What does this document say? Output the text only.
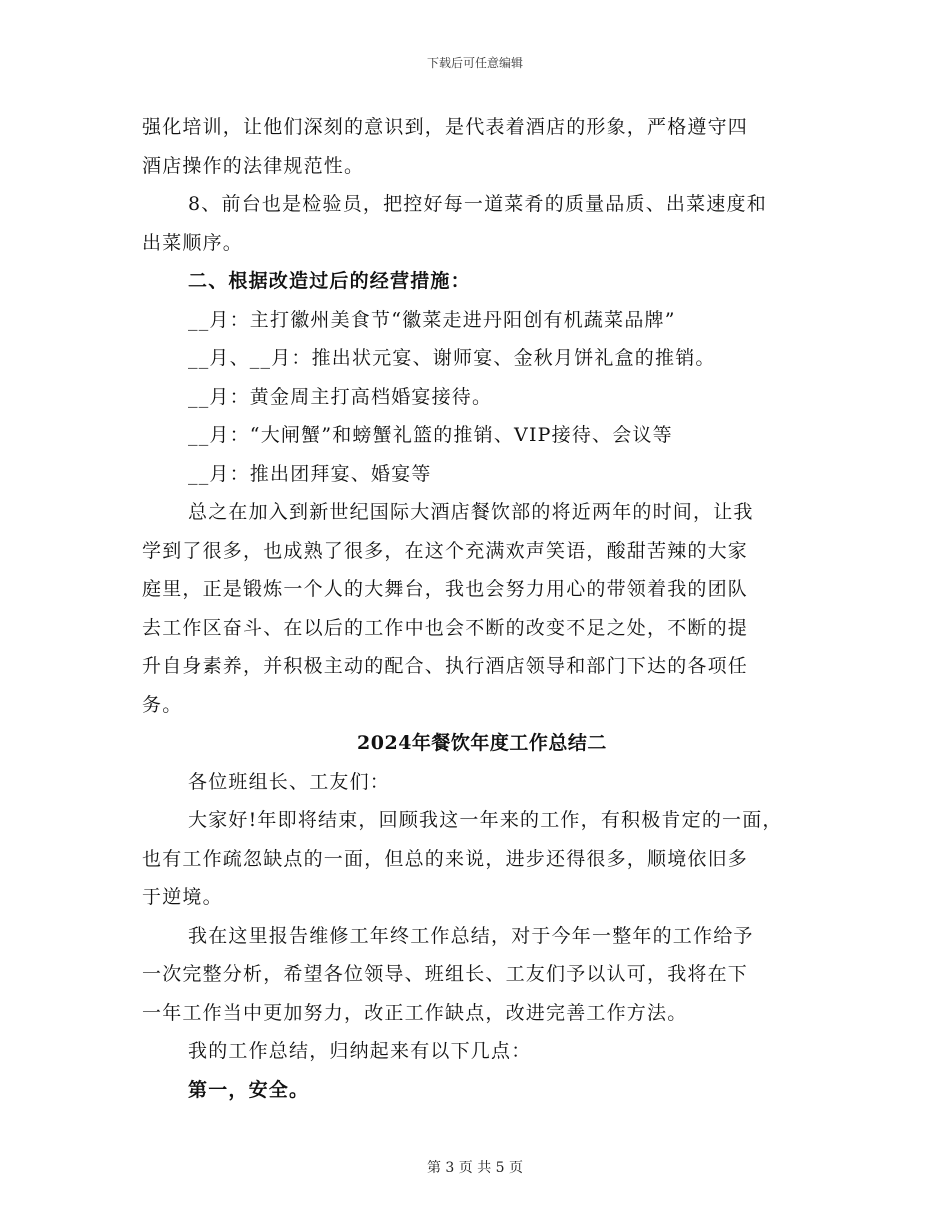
下载后可任意编辑
强化培训，让他们深刻的意识到，是代表着酒店的形象，严格遵守四
酒店操作的法律规范性。
8、前台也是检验员，把控好每一道菜肴的质量品质、出菜速度和
出菜顺序。
二、根据改造过后的经营措施：
__月：主打徽州美食节“徽菜走进丹阳创有机蔬菜品牌”
__月、__月：推出状元宴、谢师宴、金秋月饼礼盒的推销。
__月：黄金周主打高档婚宴接待。
__月：“大闸蟹”和螃蟹礼篮的推销、VIP接待、会议等
__月：推出团拜宴、婚宴等
总之在加入到新世纪国际大酒店餐饮部的将近两年的时间，让我
学到了很多，也成熟了很多，在这个充满欢声笑语，酸甜苦辣的大家
庭里，正是锻炼一个人的大舞台，我也会努力用心的带领着我的团队
去工作区奋斗、在以后的工作中也会不断的改变不足之处，不断的提
升自身素养，并积极主动的配合、执行酒店领导和部门下达的各项任
务。
2024年餐饮年度工作总结二
各位班组长、工友们：
大家好!年即将结束，回顾我这一年来的工作，有积极肯定的一面，
也有工作疏忽缺点的一面，但总的来说，进步还得很多，顺境依旧多
于逆境。
我在这里报告维修工年终工作总结，对于今年一整年的工作给予
一次完整分析，希望各位领导、班组长、工友们予以认可，我将在下
一年工作当中更加努力，改正工作缺点，改进完善工作方法。
我的工作总结，归纳起来有以下几点：
第一，安全。
第 3 页 共 5 页
